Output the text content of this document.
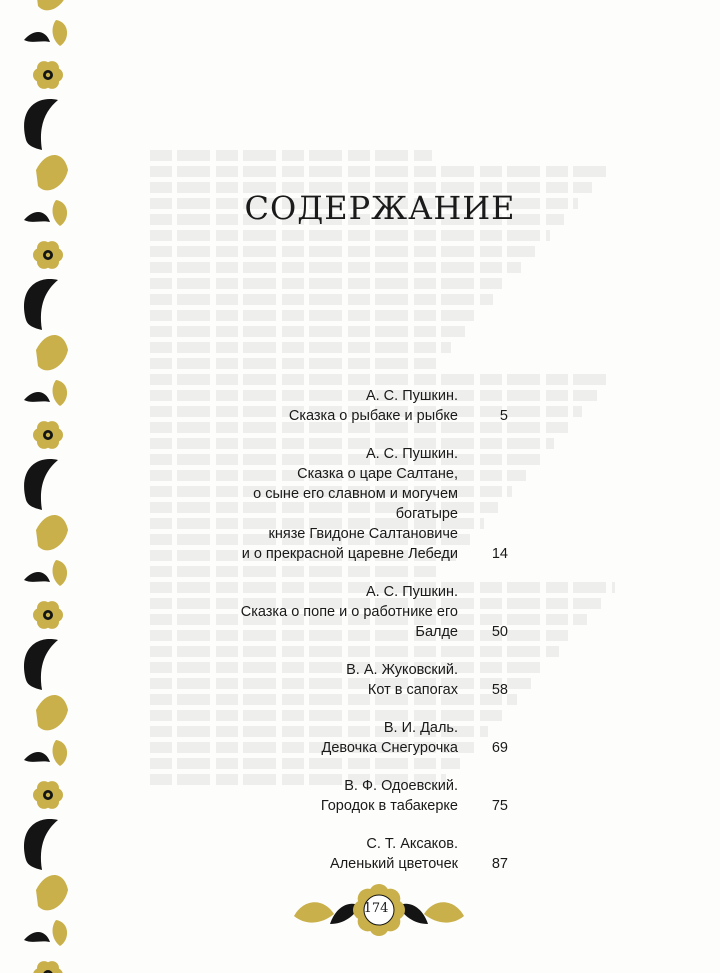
СОДЕРЖАНИЕ
А. С. Пушкин.
Сказка о рыбаке и рыбке	5
А. С. Пушкин.
Сказка о царе Салтане,
о сыне его славном и могучем богатыре
князе Гвидоне Салтановиче
и о прекрасной царевне Лебеди	14
А. С. Пушкин.
Сказка о попе и о работнике его Балде	50
В. А. Жуковский.
Кот в сапогах	58
В. И. Даль.
Девочка Снегурочка	69
В. Ф. Одоевский.
Городок в табакерке	75
С. Т. Аксаков.
Аленький цветочек	87
174
